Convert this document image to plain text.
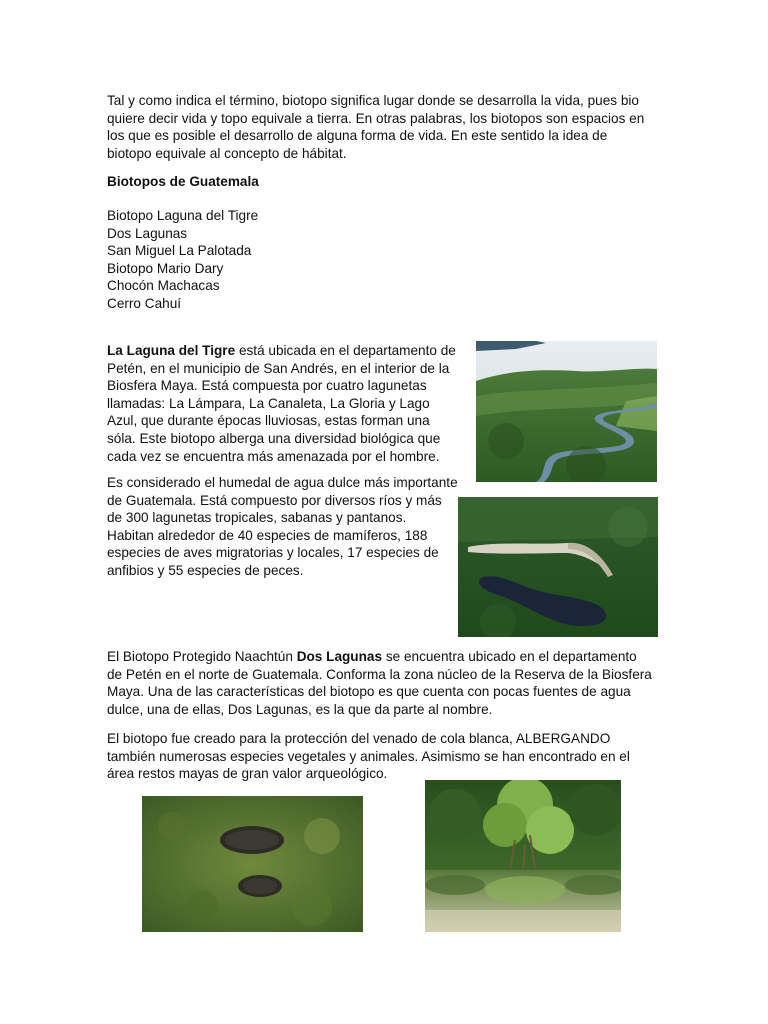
Tal y como indica el término, biotopo significa lugar donde se desarrolla la vida, pues bio
quiere decir vida y topo equivale a tierra. En otras palabras, los biotopos son espacios en
los que es posible el desarrollo de alguna forma de vida. En este sentido la idea de
biotopo equivale al concepto de hábitat.

Biotopos de Guatemala

Biotopo Laguna del Tigre
Dos Lagunas
San Miguel La Palotada
Biotopo Mario Dary
Chocón Machacas
Cerro Cahuí

La Laguna del Tigre está ubicada en el departamento de
Petén, en el municipio de San Andrés, en el interior de la
Biosfera Maya. Está compuesta por cuatro lagunetas
llamadas: La Lámpara, La Canaleta, La Gloria y Lago
Azul, que durante épocas lluviosas, estas forman una
sóla. Este biotopo alberga una diversidad biológica que
cada vez se encuentra más amenazada por el hombre.

Es considerado el humedal de agua dulce más importante
de Guatemala. Está compuesto por diversos ríos y más
de 300 lagunetas tropicales, sabanas y pantanos.
Habitan alrededor de 40 especies de mamíferos, 188
especies de aves migratorias y locales, 17 especies de
anfibios y 55 especies de peces.

El Biotopo Protegido Naachtún Dos Lagunas se encuentra ubicado en el departamento
de Petén en el norte de Guatemala. Conforma la zona núcleo de la Reserva de la Biosfera
Maya. Una de las características del biotopo es que cuenta con pocas fuentes de agua
dulce, una de ellas, Dos Lagunas, es la que da parte al nombre.

El biotopo fue creado para la protección del venado de cola blanca, ALBERGANDO
también numerosas especies vegetales y animales. Asimismo se han encontrado en el
área restos mayas de gran valor arqueológico.
